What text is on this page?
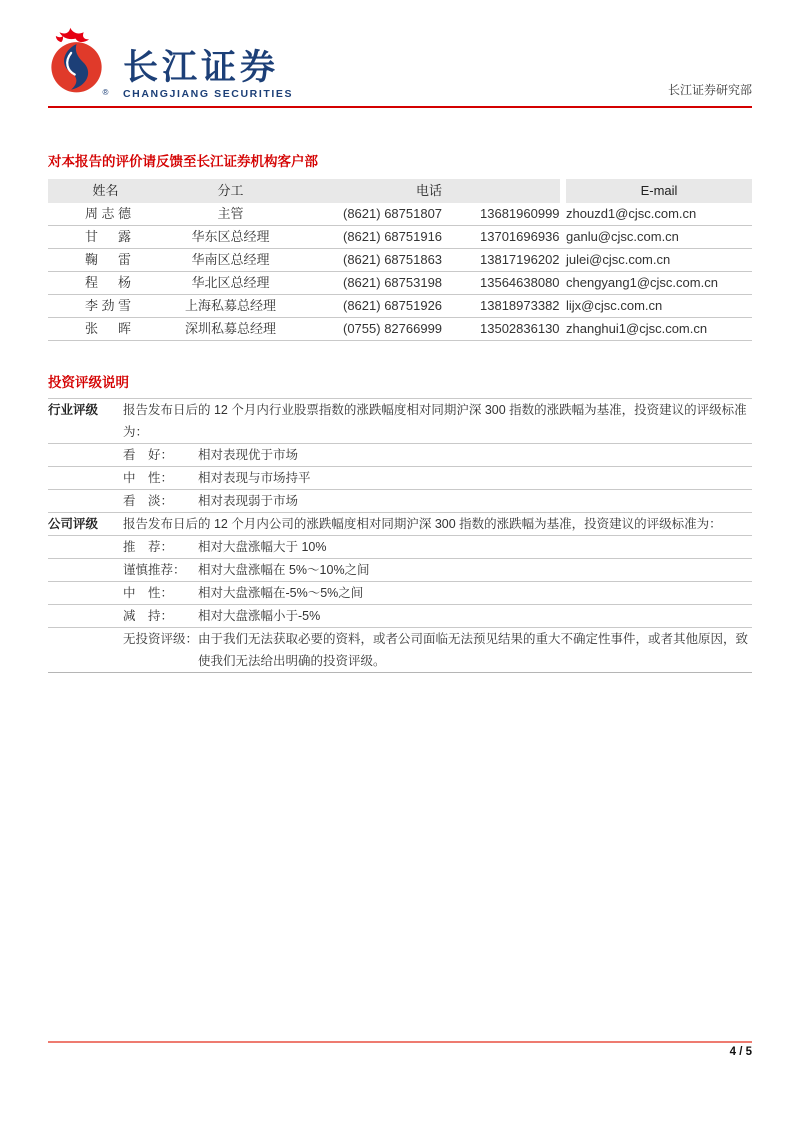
®
长江证券
CHANGJIANG SECURITIES	长江证券研究部
对本报告的评价请反馈至长江证券机构客户部
姓名	分工	电话	E-mail
周志德	主管	(8621) 68751807	13681960999 zhouzd1@cjsc.com.cn
甘　露	华东区总经理	(8621) 68751916	13701696936 ganlu@cjsc.com.cn
鞠　雷	华南区总经理	(8621) 68751863	13817196202 julei@cjsc.com.cn
程　杨	华北区总经理	(8621) 68753198	13564638080 chengyang1@cjsc.com.cn
李劲雪	上海私募总经理	(8621) 68751926	13818973382 lijx@cjsc.com.cn
张　晖	深圳私募总经理	(0755) 82766999	13502836130 zhanghui1@cjsc.com.cn
投资评级说明
行业评级	报告发布日后的 12 个月内行业股票指数的涨跌幅度相对同期沪深 300 指数的涨跌幅为基准，投资建议的评级标准为：
看　好：	相对表现优于市场
中　性：	相对表现与市场持平
看　淡：	相对表现弱于市场
公司评级	报告发布日后的 12 个月内公司的涨跌幅度相对同期沪深 300 指数的涨跌幅为基准，投资建议的评级标准为：
推　荐：	相对大盘涨幅大于 10%
谨慎推荐： 相对大盘涨幅在 5%～10%之间
中　性：	相对大盘涨幅在-5%～5%之间
减　持：	相对大盘涨幅小于-5%
无投资评级： 由于我们无法获取必要的资料，或者公司面临无法预见结果的重大不确定性事件，或者其他原因，致使我们无法给出明确的投资评级。
4 / 5
